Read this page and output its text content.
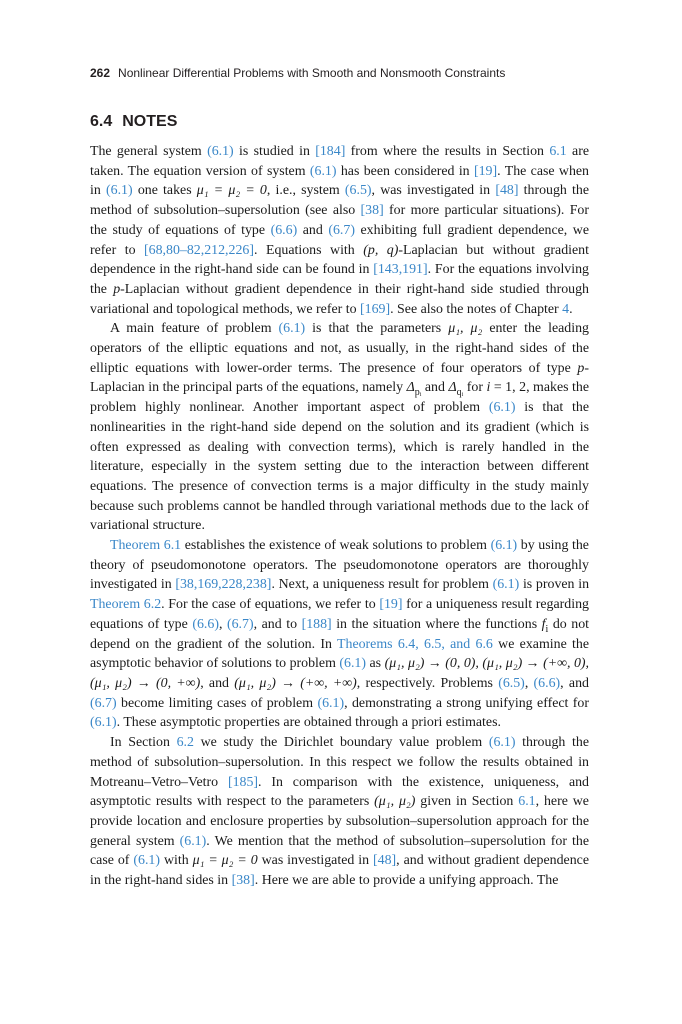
262 Nonlinear Differential Problems with Smooth and Nonsmooth Constraints
6.4 NOTES

The general system (6.1) is studied in [184] from where the results in Section 6.1 are taken. The equation version of system (6.1) has been considered in [19]. The case when in (6.1) one takes μ₁ = μ₂ = 0, i.e., system (6.5), was investigated in [48] through the method of subsolution–supersolution (see also [38] for more particular situations). For the study of equations of type (6.6) and (6.7) exhibiting full gradient dependence, we refer to [68,80–82,212,226]. Equations with (p, q)-Laplacian but without gradient dependence in the right-hand side can be found in [143,191]. For the equations involving the p-Laplacian without gradient dependence in their right-hand side studied through variational and topological methods, we refer to [169]. See also the notes of Chapter 4.

A main feature of problem (6.1) is that the parameters μ₁, μ₂ enter the leading operators of the elliptic equations and not, as usually, in the right-hand sides of the elliptic equations with lower-order terms. The presence of four operators of type p-Laplacian in the principal parts of the equations, namely $\Delta_{pᵢ}$ and $\Delta_{qᵢ}$ for i = 1, 2, makes the problem highly nonlinear. Another important aspect of problem (6.1) is that the nonlinearities in the right-hand side depend on the solution and its gradient (which is often expressed as dealing with convection terms), which is rarely handled in the literature, especially in the system setting due to the interaction between different equations. The presence of convection terms is a major difficulty in the study mainly because such problems cannot be handled through variational methods due to the lack of variational structure.

Theorem 6.1 establishes the existence of weak solutions to problem (6.1) by using the theory of pseudomonotone operators. The pseudomonotone operators are thoroughly investigated in [38,169,228,238]. Next, a uniqueness result for problem (6.1) is proven in Theorem 6.2. For the case of equations, we refer to [19] for a uniqueness result regarding equations of type (6.6), (6.7), and to [188] in the situation where the functions $f_i$ do not depend on the gradient of the solution. In Theorems 6.4, 6.5, and 6.6 we examine the asymptotic behavior of solutions to problem (6.1) as (μ₁, μ₂) → (0, 0), (μ₁, μ₂) → (+∞, 0), (μ₁, μ₂) → (0, +∞), and (μ₁, μ₂) → (+∞, +∞), respectively. Problems (6.5), (6.6), and (6.7) become limiting cases of problem (6.1), demonstrating a strong unifying effect for (6.1). These asymptotic properties are obtained through a priori estimates.

In Section 6.2 we study the Dirichlet boundary value problem (6.1) through the method of subsolution–supersolution. In this respect we follow the results obtained in Motreanu–Vetro–Vetro [185]. In comparison with the existence, uniqueness, and asymptotic results with respect to the parameters (μ₁, μ₂) given in Section 6.1, here we provide location and enclosure properties by subsolution–supersolution approach for the general system (6.1). We mention that the method of subsolution–supersolution for the case of (6.1) with μ₁ = μ₂ = 0 was investigated in [48], and without gradient dependence in the right-hand sides in [38]. Here we are able to provide a unifying approach. The
